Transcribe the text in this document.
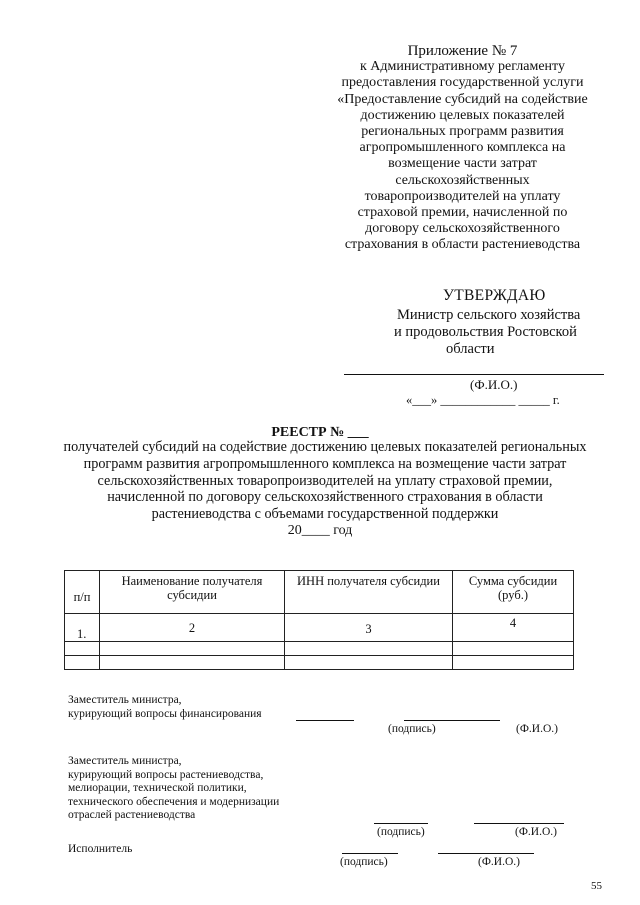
Приложение № 7
к Административному регламенту
предоставления государственной услуги
«Предоставление субсидий на содействие
достижению целевых показателей
региональных программ развития
агропромышленного комплекса на
возмещение части затрат
сельскохозяйственных
товаропроизводителей на уплату
страховой премии, начисленной по
договору сельскохозяйственного
страхования в области растениеводства
УТВЕРЖДАЮ
Министр сельского хозяйства
и продовольствия Ростовской
области
(Ф.И.О.)
«___» ____________ _____ г.
РЕЕСТР № ___
получателей субсидий на содействие достижению целевых показателей региональных программ развития агропромышленного комплекса на возмещение части затрат сельскохозяйственных товаропроизводителей на уплату страховой премии, начисленной по договору сельскохозяйственного страхования в области растениеводства с объемами государственной поддержки
20____ год
п/п	Наименование получателя субсидии	ИНН получателя субсидии	Сумма субсидии (руб.)
1.	2	3	4

Заместитель министра,
курирующий вопросы финансирования
(подпись)	(Ф.И.О.)
Заместитель министра,
курирующий вопросы растениеводства,
мелиорации, технической политики,
технического обеспечения и модернизации
отраслей растениеводства
(подпись)	(Ф.И.О.)
Исполнитель
(подпись)	(Ф.И.О.)
55
